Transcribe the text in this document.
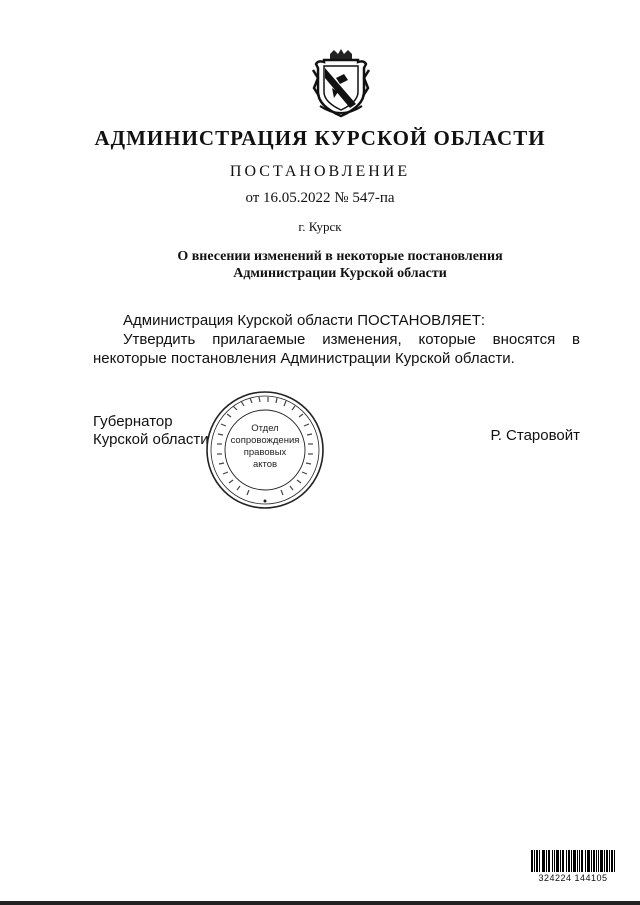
АДМИНИСТРАЦИЯ КУРСКОЙ ОБЛАСТИ
ПОСТАНОВЛЕНИЕ
от 16.05.2022 № 547-па
г. Курск
О внесении изменений в некоторые постановления
Администрации Курской области

Администрация Курской области ПОСТАНОВЛЯЕТ:

Утвердить прилагаемые изменения, которые вносятся в некоторые постановления Администрации Курской области.

Губернатор
Курской области
Отдел
сопровождения
правовых
актов
Р. Старовойт
324224 144105
